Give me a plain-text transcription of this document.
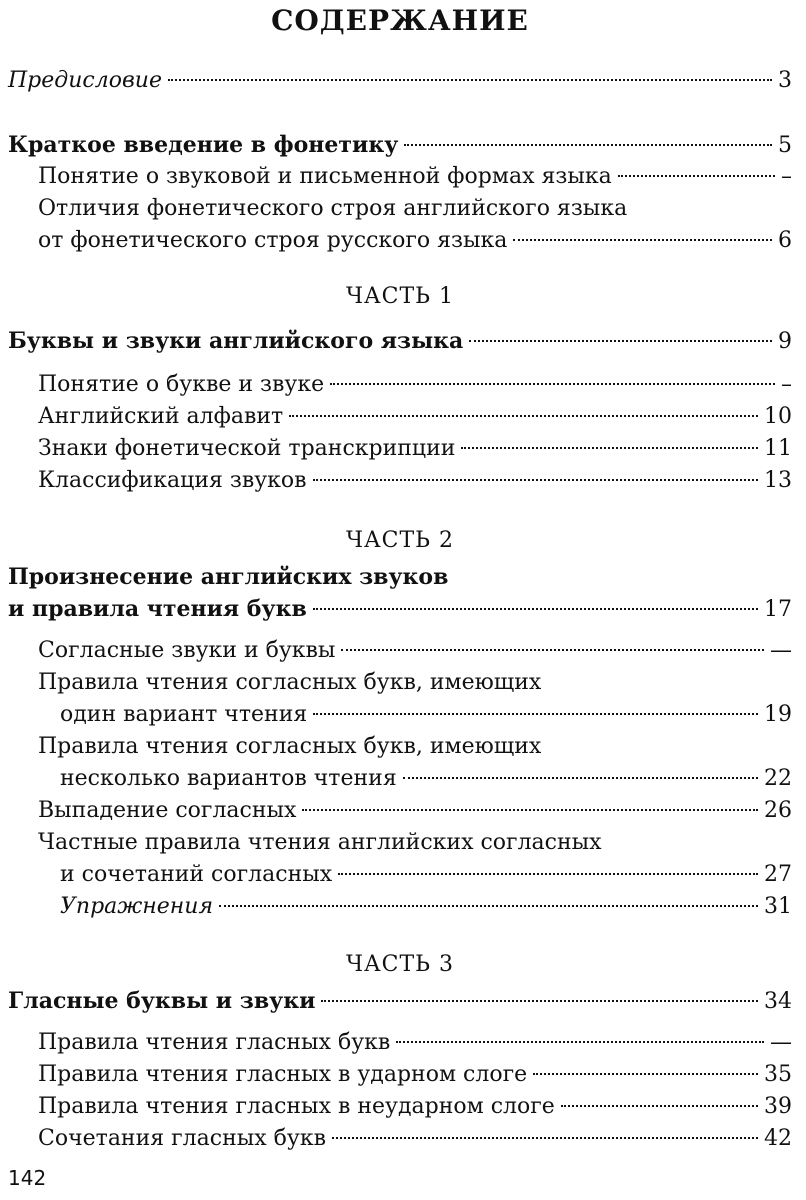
СОДЕРЖАНИЕ
Предисловие	3
Краткое введение в фонетику	5
Понятие о звуковой и письменной формах языка	–
Отличия фонетического строя английского языка
от фонетического строя русского языка	6
ЧАСТЬ 1
Буквы и звуки английского языка	9
Понятие о букве и звуке	–
Английский алфавит	10
Знаки фонетической транскрипции	11
Классификация звуков	13
ЧАСТЬ 2
Произнесение английских звуков
и правила чтения букв	17
Согласные звуки и буквы	—
Правила чтения согласных букв, имеющих
один вариант чтения	19
Правила чтения согласных букв, имеющих
несколько вариантов чтения	22
Выпадение согласных	26
Частные правила чтения английских согласных
и сочетаний согласных	27
Упражнения	31
ЧАСТЬ 3
Гласные буквы и звуки	34
Правила чтения гласных букв	—
Правила чтения гласных в ударном слоге	35
Правила чтения гласных в неударном слоге	39
Сочетания гласных букв	42
142
